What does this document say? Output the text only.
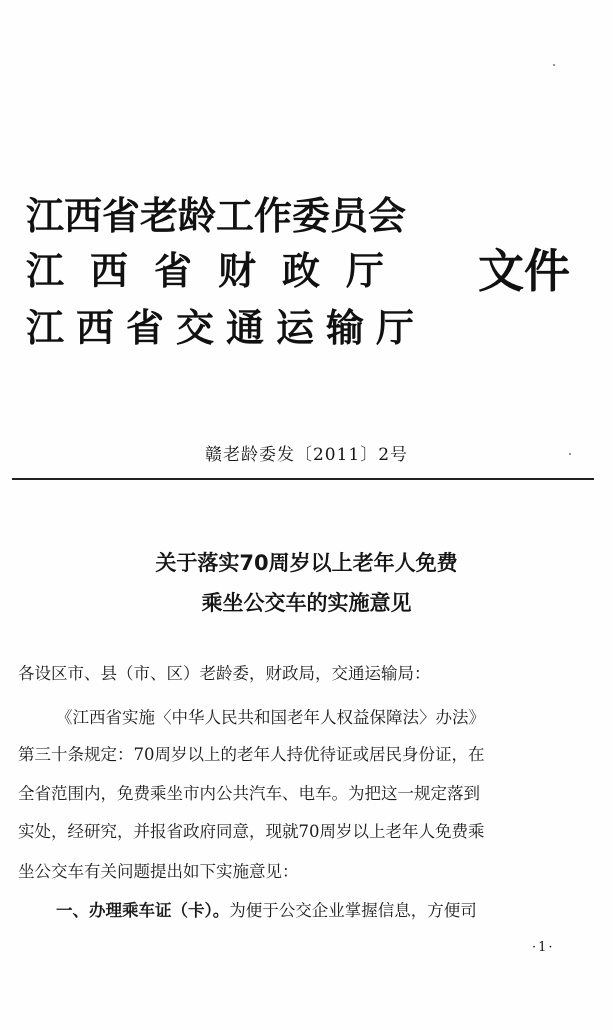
江西省老龄工作委员会
江西省财政厅
江西省交通运输厅
文件
赣老龄委发〔2011〕2号
关于落实70周岁以上老年人免费
乘坐公交车的实施意见
各设区市、县（市、区）老龄委，财政局，交通运输局：
《江西省实施〈中华人民共和国老年人权益保障法〉办法》
第三十条规定：70周岁以上的老年人持优待证或居民身份证，在
全省范围内，免费乘坐市内公共汽车、电车。为把这一规定落到
实处，经研究，并报省政府同意，现就70周岁以上老年人免费乘
坐公交车有关问题提出如下实施意见：
一、办理乘车证（卡）。为便于公交企业掌握信息，方便司
·1·
